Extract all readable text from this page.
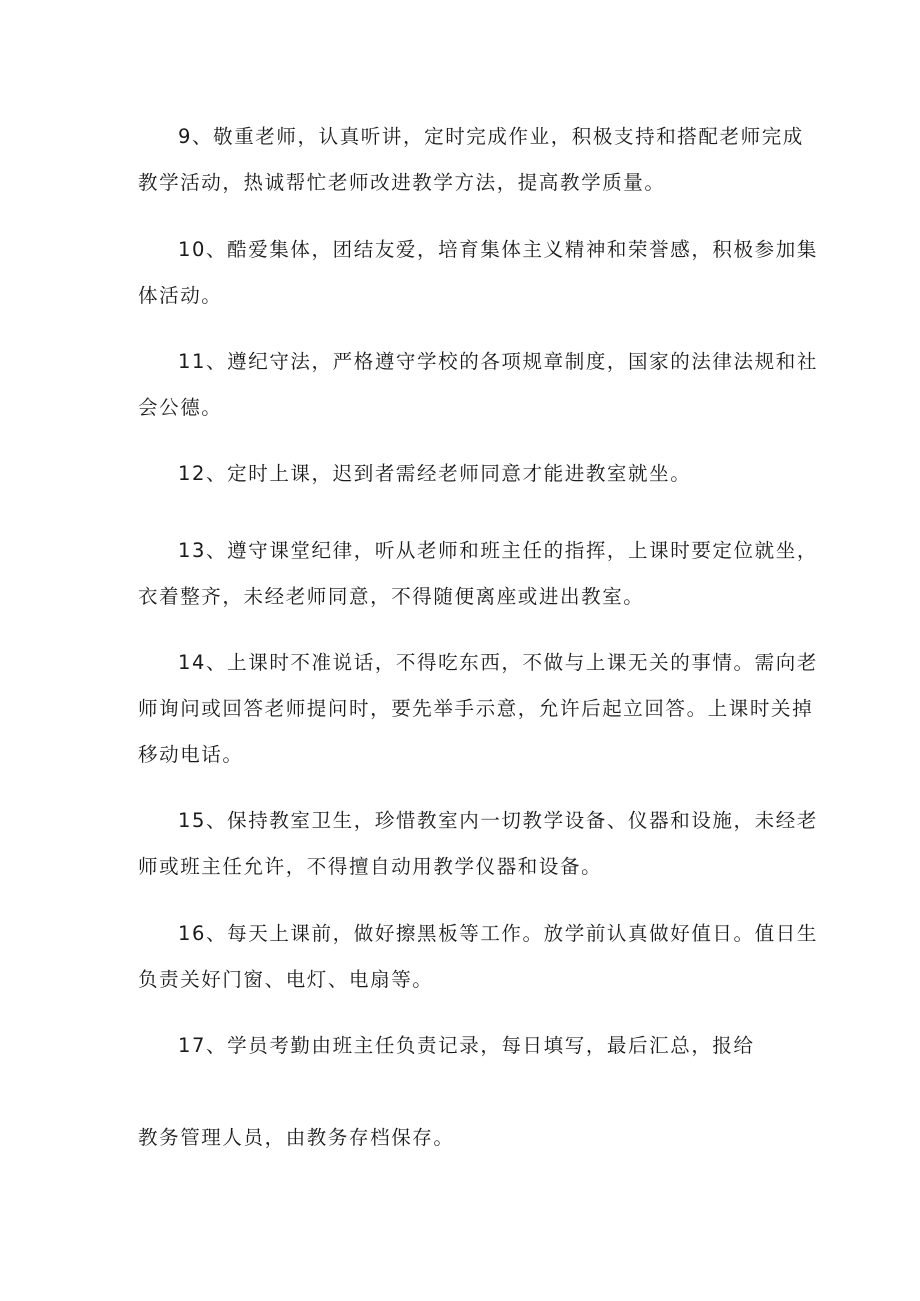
9、敬重老师，认真听讲，定时完成作业，积极支持和搭配老师完成
教学活动，热诚帮忙老师改进教学方法，提高教学质量。
10、酷爱集体，团结友爱，培育集体主义精神和荣誉感，积极参加集
体活动。
11、遵纪守法，严格遵守学校的各项规章制度，国家的法律法规和社
会公德。
12、定时上课，迟到者需经老师同意才能进教室就坐。
13、遵守课堂纪律，听从老师和班主任的指挥，上课时要定位就坐，
衣着整齐，未经老师同意，不得随便离座或进出教室。
14、上课时不准说话，不得吃东西，不做与上课无关的事情。需向老
师询问或回答老师提问时，要先举手示意，允许后起立回答。上课时关掉
移动电话。
15、保持教室卫生，珍惜教室内一切教学设备、仪器和设施，未经老
师或班主任允许，不得擅自动用教学仪器和设备。
16、每天上课前，做好擦黑板等工作。放学前认真做好值日。值日生
负责关好门窗、电灯、电扇等。
17、学员考勤由班主任负责记录，每日填写，最后汇总，报给
教务管理人员，由教务存档保存。
